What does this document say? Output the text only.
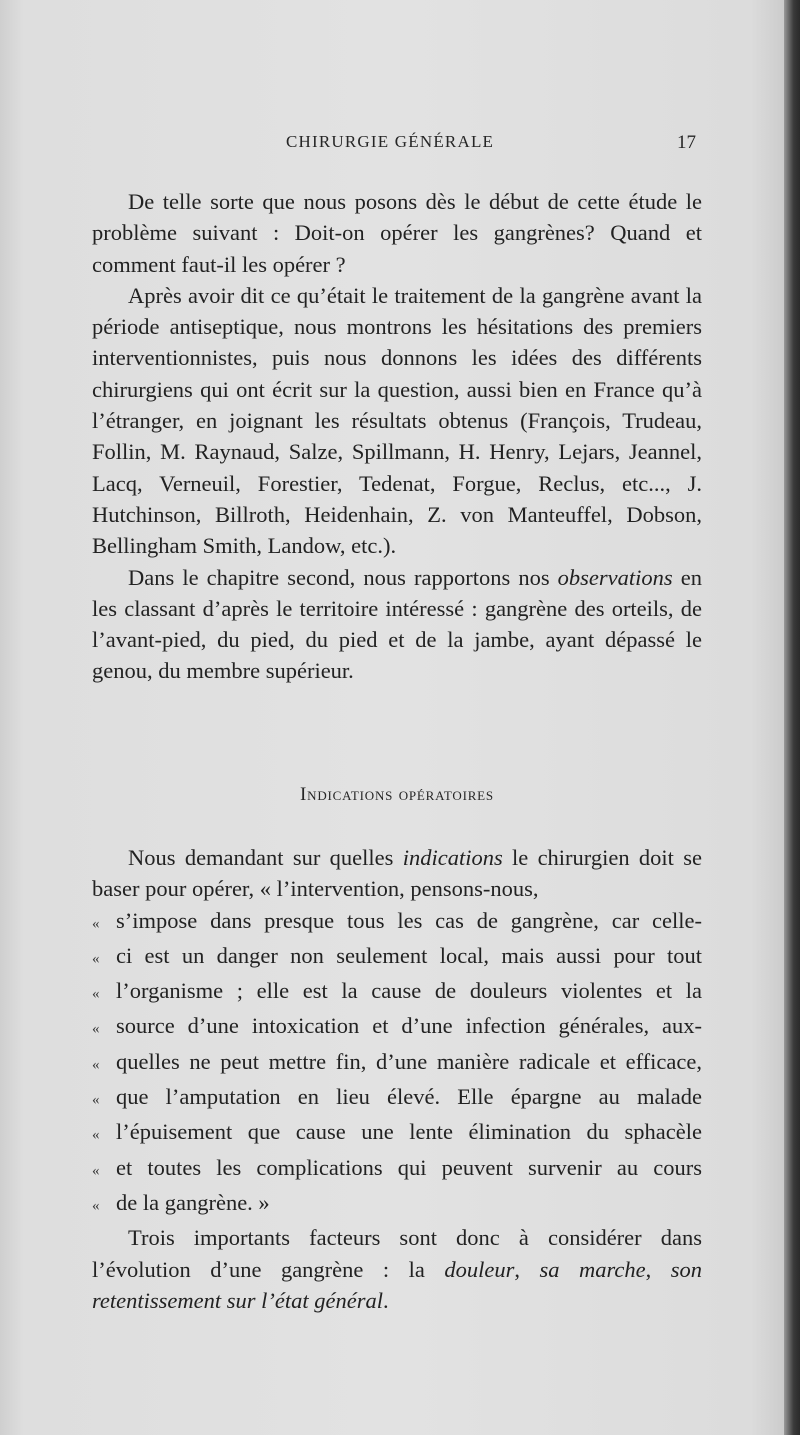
CHIRURGIE GÉNÉRALE	17

De telle sorte que nous posons dès le début de cette étude le problème suivant : Doit-on opérer les gangrènes? Quand et comment faut-il les opérer ?

Après avoir dit ce qu’était le traitement de la gangrène avant la période antiseptique, nous montrons les hésitations des premiers interventionnistes, puis nous donnons les idées des différents chirurgiens qui ont écrit sur la question, aussi bien en France qu’à l’étranger, en joignant les résultats obtenus (François, Trudeau, Follin, M. Raynaud, Salze, Spillmann, H. Henry, Lejars, Jeannel, Lacq, Verneuil, Forestier, Tedenat, Forgue, Reclus, etc..., J. Hutchinson, Billroth, Heidenhain, Z. von Manteuffel, Dobson, Bellingham Smith, Landow, etc.).

Dans le chapitre second, nous rapportons nos observations en les classant d’après le territoire intéressé : gangrène des orteils, de l’avant-pied, du pied, du pied et de la jambe, ayant dépassé le genou, du membre supérieur.

Indications opératoires

Nous demandant sur quelles indications le chirurgien doit se baser pour opérer, « l’intervention, pensons-nous,

« s’impose dans presque tous les cas de gangrène, car celle-
« ci est un danger non seulement local, mais aussi pour tout
« l’organisme ; elle est la cause de douleurs violentes et la
« source d’une intoxication et d’une infection générales, aux-
« quelles ne peut mettre fin, d’une manière radicale et efficace,
« que l’amputation en lieu élevé. Elle épargne au malade
« l’épuisement que cause une lente élimination du sphacèle
« et toutes les complications qui peuvent survenir au cours
« de la gangrène. »

Trois importants facteurs sont donc à considérer dans l’évolution d’une gangrène : la douleur, sa marche, son retentissement sur l’état général.
